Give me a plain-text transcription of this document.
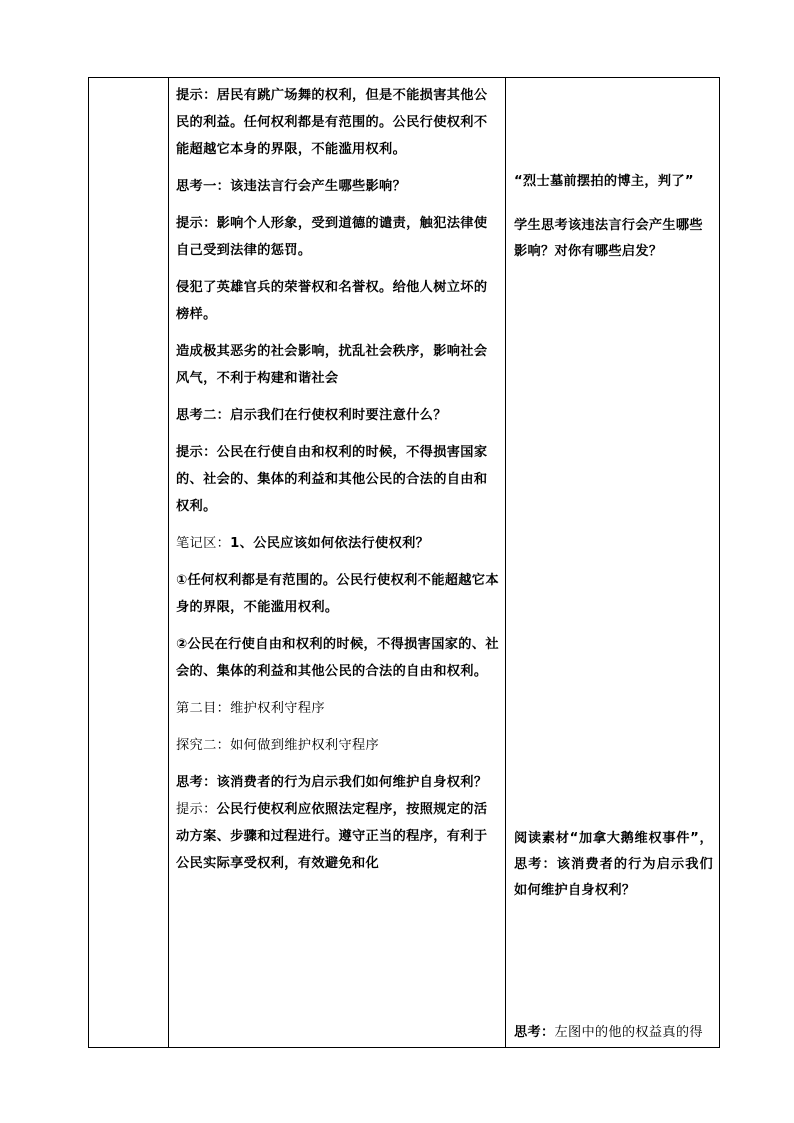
提示：居民有跳广场舞的权利，但是不能损害其他公民的利益。任何权利都是有范围的。公民行使权利不能超越它本身的界限，不能滥用权利。

思考一：该违法言行会产生哪些影响？

提示：影响个人形象，受到道德的谴责，触犯法律使自己受到法律的惩罚。

侵犯了英雄官兵的荣誉权和名誉权。给他人树立坏的榜样。

造成极其恶劣的社会影响，扰乱社会秩序，影响社会风气，不利于构建和谐社会

思考二：启示我们在行使权利时要注意什么？

提示：公民在行使自由和权利的时候，不得损害国家的、社会的、集体的利益和其他公民的合法的自由和权利。

笔记区：1、公民应该如何依法行使权利？

①任何权利都是有范围的。公民行使权利不能超越它本身的界限，不能滥用权利。

②公民在行使自由和权利的时候，不得损害国家的、社会的、集体的利益和其他公民的合法的自由和权利。

第二目：维护权利守程序

探究二：如何做到维护权利守程序

思考：该消费者的行为启示我们如何维护自身权利？提示：公民行使权利应依照法定程序，按照规定的活动方案、步骤和过程进行。遵守正当的程序，有利于公民实际享受权利，有效避免和化

“烈士墓前摆拍的博主，判了”

学生思考该违法言行会产生哪些影响？对你有哪些启发？

阅读素材“加拿大鹅维权事件”，思考：该消费者的行为启示我们如何维护自身权利？

思考：左图中的他的权益真的得
